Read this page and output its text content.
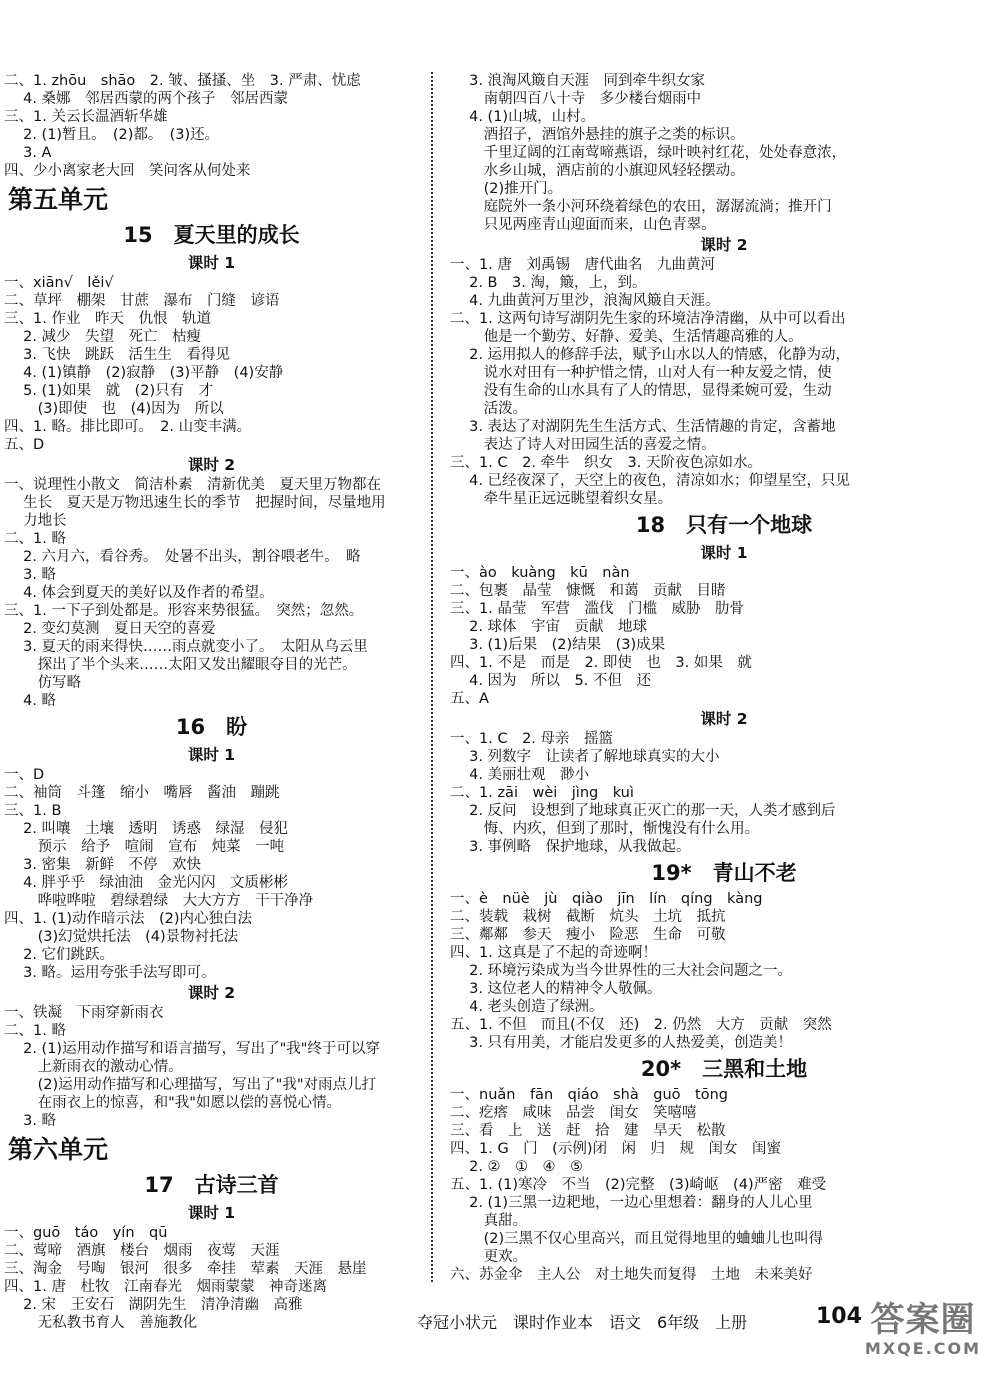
二、1. zhōu　shāo　2. 皱、搔搔、坐　3. 严肃、忧虑
　 4. 桑娜　邻居西蒙的两个孩子　邻居西蒙
三、1. 关云长温酒斩华雄
　 2. (1)暂且。　(2)都。　(3)还。
　 3. A
四、少小离家老大回　笑问客从何处来
第五单元
15　夏天里的成长
课时 1
一、xiān√　lěi√
二、草坪　棚架　甘蔗　瀑布　门缝　谚语
三、1. 作业　昨天　仇恨　轨道
　 2. 减少　失望　死亡　枯瘦
　 3. 飞快　跳跃　活生生　看得见
　 4. (1)镇静　(2)寂静　(3)平静　(4)安静
　 5. (1)如果　就　(2)只有　才
　　 (3)即使　也　(4)因为　所以
四、1. 略。排比即可。　2. 山变丰满。
五、D
课时 2
一、说理性小散文　简洁朴素　清新优美　夏天里万物都在
　 生长　夏天是万物迅速生长的季节　把握时间，尽量地用
　 力地长
二、1. 略
　 2. 六月六，看谷秀。　处暑不出头，割谷喂老牛。　略
　 3. 略
　 4. 体会到夏天的美好以及作者的希望。
三、1. 一下子到处都是。形容来势很猛。　突然；忽然。
　 2. 变幻莫测　夏日天空的喜爱
　 3. 夏天的雨来得快……雨点就变小了。　太阳从乌云里
　　 探出了半个头来……太阳又发出耀眼夺目的光芒。
　　 仿写略
　 4. 略
16　盼
课时 1
一、D
二、袖筒　斗篷　缩小　嘴唇　酱油　蹦跳
三、1. B
　 2. 叫嚷　土壤　透明　诱惑　绿湿　侵犯
　　 预示　给予　喧闹　宣布　炖菜　一吨
　 3. 密集　新鲜　不停　欢快
　 4. 胖乎乎　绿油油　金光闪闪　文质彬彬
　　 哗啦哗啦　碧绿碧绿　大大方方　干干净净
四、1. (1)动作暗示法　(2)内心独白法
　　 (3)幻觉烘托法　(4)景物衬托法
　 2. 它们跳跃。
　 3. 略。运用夸张手法写即可。
课时 2
一、铁凝　下雨穿新雨衣
二、1. 略
　 2. (1)运用动作描写和语言描写，写出了"我"终于可以穿
　　 上新雨衣的激动心情。
　　 (2)运用动作描写和心理描写，写出了"我"对雨点儿打
　　 在雨衣上的惊喜，和"我"如愿以偿的喜悦心情。
　 3. 略
第六单元
17　古诗三首
课时 1
一、guō　táo　yín　qū
二、莺啼　酒旗　楼台　烟雨　夜莺　天涯
三、淘金　号啕　银河　很多　牵挂　荤素　天涯　悬崖
四、1. 唐　杜牧　江南春光　烟雨蒙蒙　神奇迷离
　 2. 宋　王安石　湖阴先生　清净清幽　高雅
　　 无私教书育人　善施教化
　 3. 浪淘风簸自天涯　同到牵牛织女家
　　 南朝四百八十寺　多少楼台烟雨中
　 4. (1)山城，山村。
　　 酒招子，酒馆外悬挂的旗子之类的标识。
　　 千里辽阔的江南莺啼燕语，绿叶映衬红花，处处春意浓，
　　 水乡山城，酒店前的小旗迎风轻轻摆动。
　　 (2)推开门。
　　 庭院外一条小河环绕着绿色的农田，潺潺流淌；推开门
　　 只见两座青山迎面而来，山色青翠。
课时 2
一、1. 唐　刘禹锡　唐代曲名　九曲黄河
　 2. B　3. 淘，簸，上，到。
　 4. 九曲黄河万里沙，浪淘风簸自天涯。
二、1. 这两句诗写湖阴先生家的环境洁净清幽，从中可以看出
　　 他是一个勤劳、好静、爱美、生活情趣高雅的人。
　 2. 运用拟人的修辞手法，赋予山水以人的情感，化静为动，
　　 说水对田有一种护惜之情，山对人有一种友爱之情，使
　　 没有生命的山水具有了人的情思，显得柔婉可爱，生动
　　 活泼。
　 3. 表达了对湖阴先生生活方式、生活情趣的肯定，含蓄地
　　 表达了诗人对田园生活的喜爱之情。
三、1. C　2. 牵牛　织女　3. 天阶夜色凉如水。
　 4. 已经夜深了，天空上的夜色，清凉如水；仰望星空，只见
　　 牵牛星正远远眺望着织女星。
18　只有一个地球
课时 1
一、ào　kuàng　kū　nàn
二、包裹　晶莹　慷慨　和蔼　贡献　目睹
三、1. 晶莹　军营　滥伐　门槛　威胁　肋骨
　 2. 球体　宇宙　贡献　地球
　 3. (1)后果　(2)结果　(3)成果
四、1. 不是　而是　2. 即使　也　3. 如果　就
　 4. 因为　所以　5. 不但　还
五、A
课时 2
一、1. C　2. 母亲　摇篮
　 3. 列数字　让读者了解地球真实的大小
　 4. 美丽壮观　渺小
二、1. zāi　wèi　jìng　kuì
　 2. 反问　设想到了地球真正灭亡的那一天，人类才感到后
　　 悔、内疚，但到了那时，惭愧没有什么用。
　 3. 事例略　保护地球，从我做起。
19*　青山不老
一、è　nüè　jù　qiào　jīn　lín　qíng　kàng
二、装载　栽树　截断　炕头　土坑　抵抗
三、鄰鄰　参天　瘦小　险恶　生命　可敬
四、1. 这真是了不起的奇迹啊！
　 2. 环境污染成为当今世界性的三大社会问题之一。
　 3. 这位老人的精神令人敬佩。
　 4. 老头创造了绿洲。
五、1. 不但　而且(不仅　还)　2. 仍然　大方　贡献　突然
　 3. 只有用美，才能启发更多的人热爱美，创造美！
20*　三黑和土地
一、nuǎn　fān　qiáo　shà　guō　tōng
二、疙瘩　咸味　品尝　闺女　笑嘻嘻
三、看　上　送　赶　拾　建　旱天　松散
四、1. G　门　(示例)闭　闲　归　规　闺女　闺蜜
　 2. ②　①　④　⑤
五、1. (1)寒冷　不当　(2)完整　(3)崎岖　(4)严密　难受
　 2. (1)三黑一边耙地，一边心里想着：翻身的人儿心里
　　 真甜。
　　 (2)三黑不仅心里高兴，而且觉得地里的蛐蛐儿也叫得
　　 更欢。
六、苏金伞　主人公　对土地失而复得　土地　未来美好
夺冠小状元　课时作业本　语文　6年级　上册	104 答案圈
MXQE.COM
